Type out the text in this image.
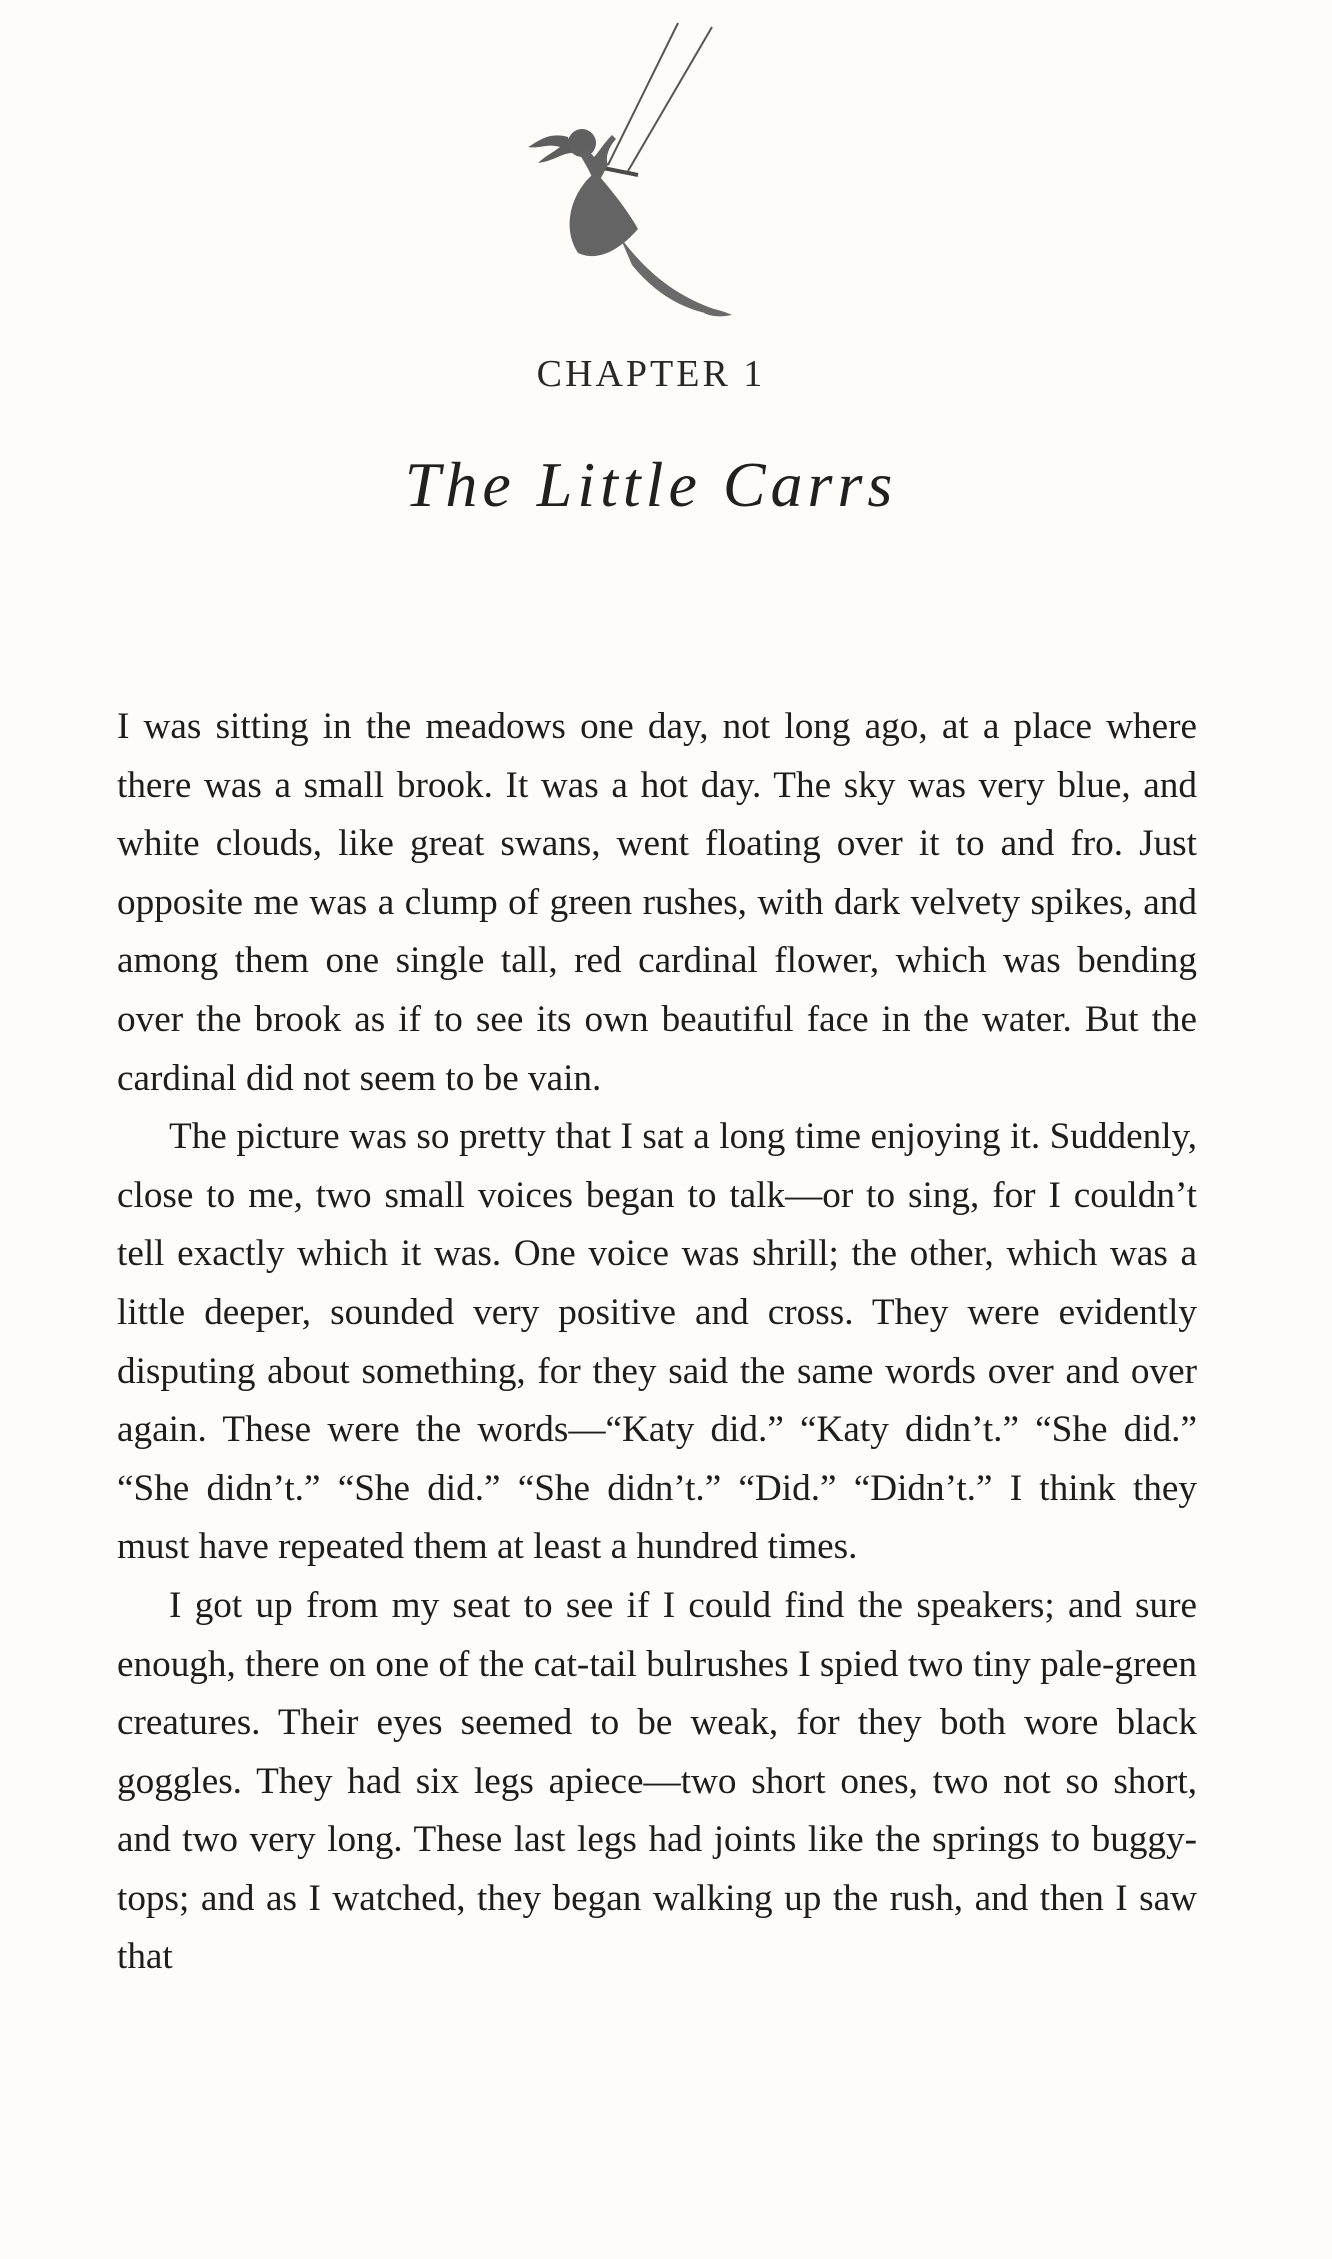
CHAPTER 1
The Little Carrs

I was sitting in the meadows one day, not long ago, at a place where there was a small brook. It was a hot day. The sky was very blue, and white clouds, like great swans, went floating over it to and fro. Just opposite me was a clump of green rushes, with dark velvety spikes, and among them one single tall, red cardinal flower, which was bending over the brook as if to see its own beautiful face in the water. But the cardinal did not seem to be vain.

The picture was so pretty that I sat a long time enjoying it. Suddenly, close to me, two small voices began to talk—or to sing, for I couldn’t tell exactly which it was. One voice was shrill; the other, which was a little deeper, sounded very positive and cross. They were evidently disputing about something, for they said the same words over and over again. These were the words—“Katy did.” “Katy didn’t.” “She did.” “She didn’t.” “She did.” “She didn’t.” “Did.” “Didn’t.” I think they must have repeated them at least a hundred times.

I got up from my seat to see if I could find the speakers; and sure enough, there on one of the cat-tail bulrushes I spied two tiny pale-green creatures. Their eyes seemed to be weak, for they both wore black goggles. They had six legs apiece—two short ones, two not so short, and two very long. These last legs had joints like the springs to buggy-tops; and as I watched, they began walking up the rush, and then I saw that
